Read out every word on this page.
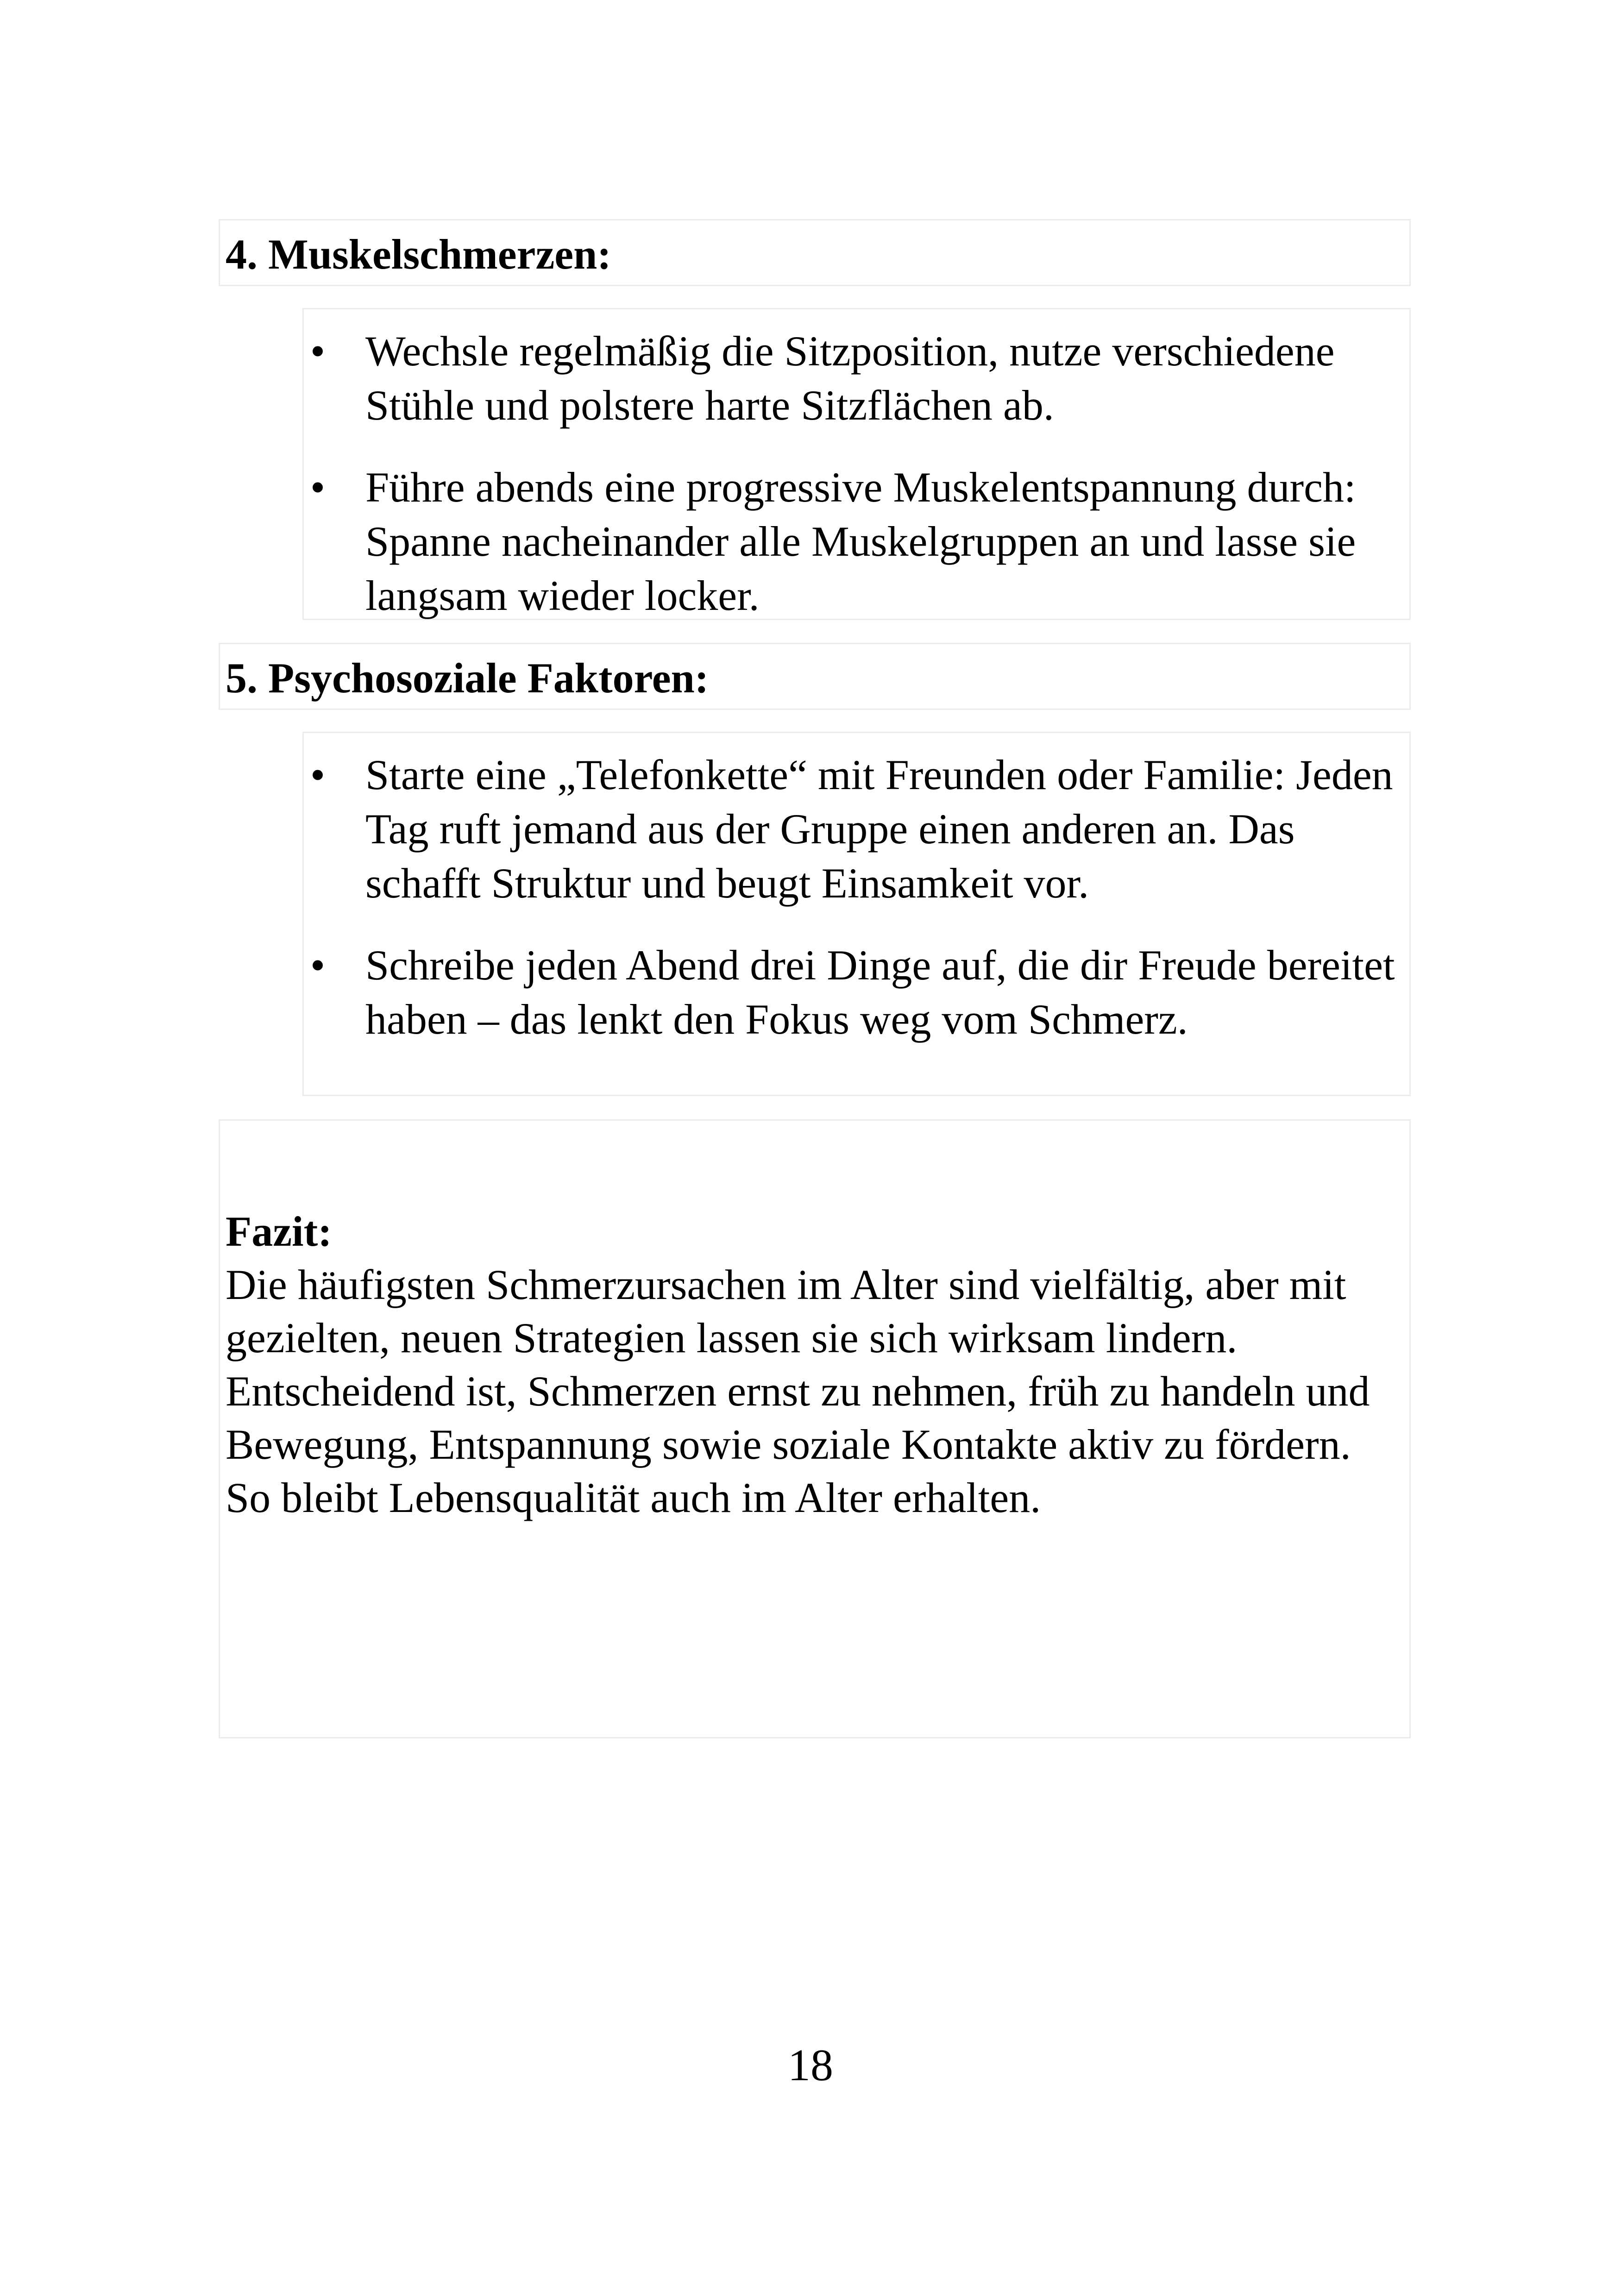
4. Muskelschmerzen:

• Wechsle regelmäßig die Sitzposition, nutze verschiedene Stühle und polstere harte Sitzflächen ab.
• Führe abends eine progressive Muskelentspannung durch: Spanne nacheinander alle Muskelgruppen an und lasse sie langsam wieder locker.

5. Psychosoziale Faktoren:

• Starte eine „Telefonkette“ mit Freunden oder Familie: Jeden Tag ruft jemand aus der Gruppe einen anderen an. Das schafft Struktur und beugt Einsamkeit vor.
• Schreibe jeden Abend drei Dinge auf, die dir Freude bereitet haben – das lenkt den Fokus weg vom Schmerz.

Fazit:

Die häufigsten Schmerzursachen im Alter sind vielfältig, aber mit gezielten, neuen Strategien lassen sie sich wirksam lindern. Entscheidend ist, Schmerzen ernst zu nehmen, früh zu handeln und Bewegung, Entspannung sowie soziale Kontakte aktiv zu fördern. So bleibt Lebensqualität auch im Alter erhalten.

18
